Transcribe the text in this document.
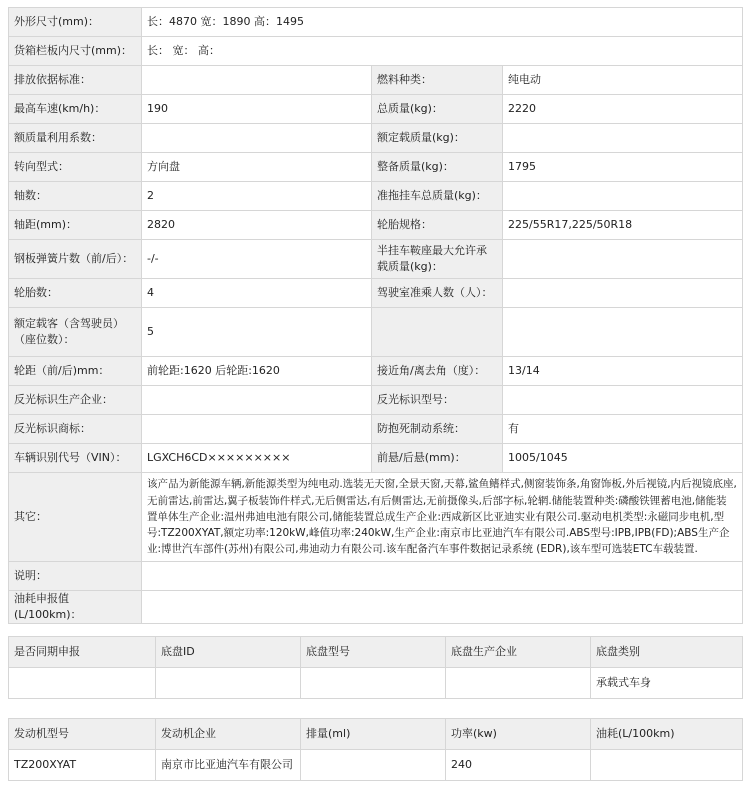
外形尺寸(mm)：	长：4870 宽：1890 高：1495		
货箱栏板内尺寸(mm)：	长： 宽： 高：		
排放依据标准：		燃料种类：	纯电动
最高车速(km/h)：	190	总质量(kg)：	2220
额质量利用系数：		额定载质量(kg)：	
转向型式：	方向盘	整备质量(kg)：	1795
轴数：	2	准拖挂车总质量(kg)：	
轴距(mm)：	2820	轮胎规格：	225/55R17,225/50R18
钢板弹簧片数（前/后）：	-/-	半挂车鞍座最大允许承载质量(kg)：	
轮胎数：	4	驾驶室准乘人数（人）：	
额定载客（含驾驶员）（座位数）：	5		
轮距（前/后)mm：	前轮距:1620 后轮距:1620	接近角/离去角（度）：	13/14
反光标识生产企业：		反光标识型号：	
反光标识商标：		防抱死制动系统：	有
车辆识别代号（VIN）：	LGXCH6CD×××××××××	前悬/后悬(mm)：	1005/1045
其它：	该产品为新能源车辆,新能源类型为纯电动.选装无天窗,全景天窗,天幕,鲨鱼鳍样式,侧窗装饰条,角窗饰板,外后视镜,内后视镜底座,无前雷达,前雷达,翼子板装饰件样式,无后侧雷达,有后侧雷达,无前摄像头,后部字标,轮辋.储能装置种类:磷酸铁锂蓄电池,储能装置单体生产企业:温州弗迪电池有限公司,储能装置总成生产企业:西咸新区比亚迪实业有限公司.驱动电机类型:永磁同步电机,型号:TZ200XYAT,额定功率:120kW,峰值功率:240kW,生产企业:南京市比亚迪汽车有限公司.ABS型号:IPB,IPB(FD);ABS生产企业:博世汽车部件(苏州)有限公司,弗迪动力有限公司.该车配备汽车事件数据记录系统 (EDR),该车型可选装ETC车载装置.		
说明：			
油耗申报值(L/100km)：			
是否同期申报	底盘ID	底盘型号	底盘生产企业	底盘类别
				承载式车身
发动机型号	发动机企业	排量(ml)	功率(kw)	油耗(L/100km)
TZ200XYAT	南京市比亚迪汽车有限公司		240	
